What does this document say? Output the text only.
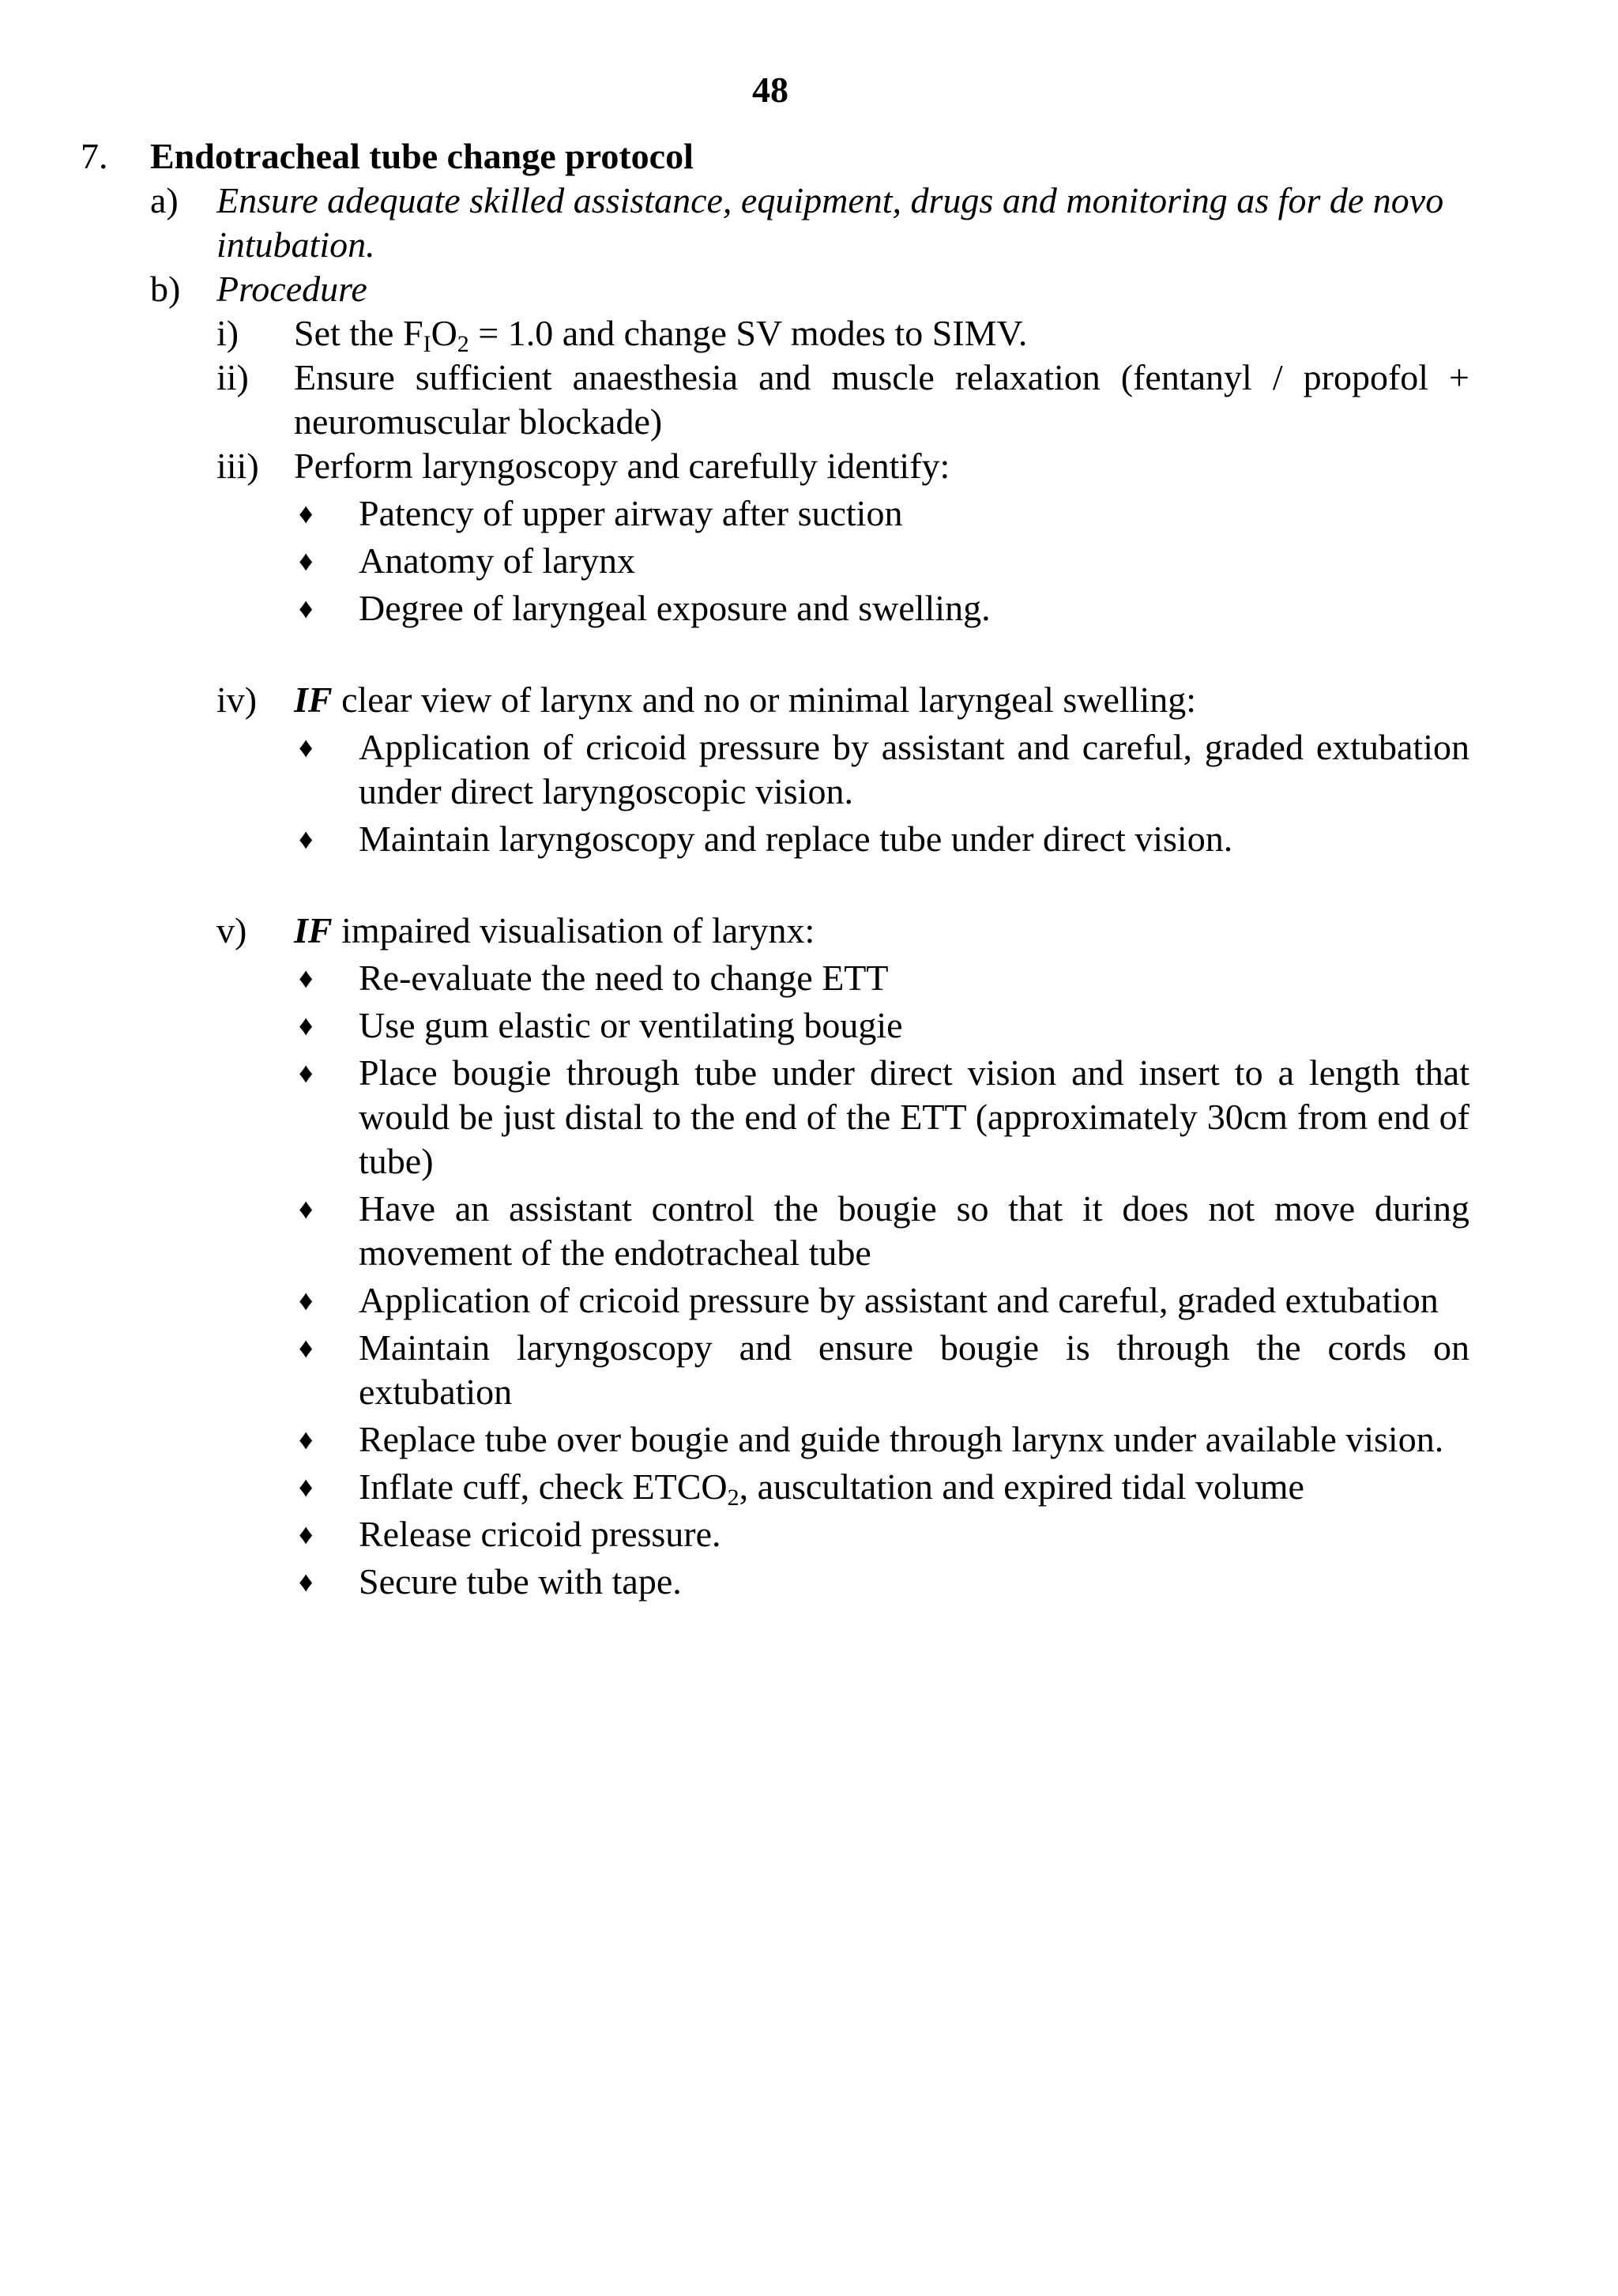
48
7.	Endotracheal tube change protocol
a)	Ensure adequate skilled assistance, equipment, drugs and monitoring as for de novo intubation.
b) Procedure
i)	Set the $F_IO_2 = 1.0$ and change SV modes to SIMV.
ii)	Ensure sufficient anaesthesia and muscle relaxation (fentanyl / propofol + neuromuscular blockade)
iii) Perform laryngoscopy and carefully identify:
♦	Patency of upper airway after suction
♦	Anatomy of larynx
♦	Degree of laryngeal exposure and swelling.
iv)	IF clear view of larynx and no or minimal laryngeal swelling:
♦	Application of cricoid pressure by assistant and careful, graded extubation under direct laryngoscopic vision.
♦	Maintain laryngoscopy and replace tube under direct vision.
v)	IF impaired visualisation of larynx:
♦	Re-evaluate the need to change ETT
♦	Use gum elastic or ventilating bougie
♦	Place bougie through tube under direct vision and insert to a length that would be just distal to the end of the ETT (approximately 30cm from end of tube)
♦	Have an assistant control the bougie so that it does not move during movement of the endotracheal tube
♦	Application of cricoid pressure by assistant and careful, graded extubation
♦	Maintain laryngoscopy and ensure bougie is through the cords on extubation
♦	Replace tube over bougie and guide through larynx under available vision.
♦	Inflate cuff, check $ETCO_2$, auscultation and expired tidal volume
♦	Release cricoid pressure.
♦	Secure tube with tape.
